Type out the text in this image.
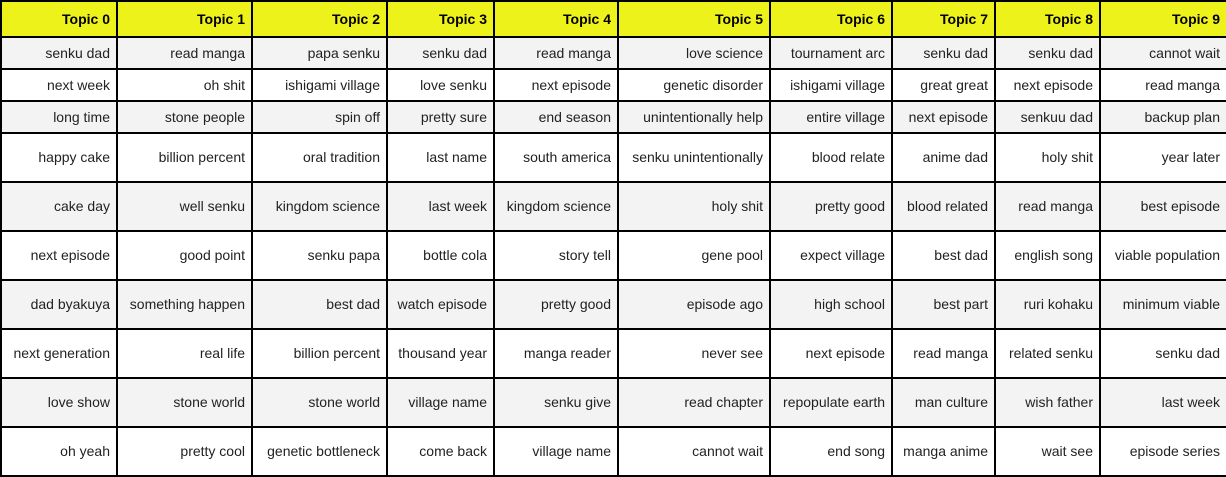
Topic 0	Topic 1	Topic 2	Topic 3	Topic 4	Topic 5	Topic 6	Topic 7	Topic 8	Topic 9
senku dad	read manga	papa senku	senku dad	read manga	love science	tournament arc	senku dad	senku dad	cannot wait
next week	oh shit	ishigami village	love senku	next episode	genetic disorder	ishigami village	great great	next episode	read manga
long time	stone people	spin off	pretty sure	end season	unintentionally help	entire village	next episode	senkuu dad	backup plan
happy cake	billion percent	oral tradition	last name	south america	senku unintentionally	blood relate	anime dad	holy shit	year later
cake day	well senku	kingdom science	last week	kingdom science	holy shit	pretty good	blood related	read manga	best episode
next episode	good point	senku papa	bottle cola	story tell	gene pool	expect village	best dad	english song	viable population
dad byakuya	something happen	best dad	watch episode	pretty good	episode ago	high school	best part	ruri kohaku	minimum viable
next generation	real life	billion percent	thousand year	manga reader	never see	next episode	read manga	related senku	senku dad
love show	stone world	stone world	village name	senku give	read chapter	repopulate earth	man culture	wish father	last week
oh yeah	pretty cool	genetic bottleneck	come back	village name	cannot wait	end song	manga anime	wait see	episode series
